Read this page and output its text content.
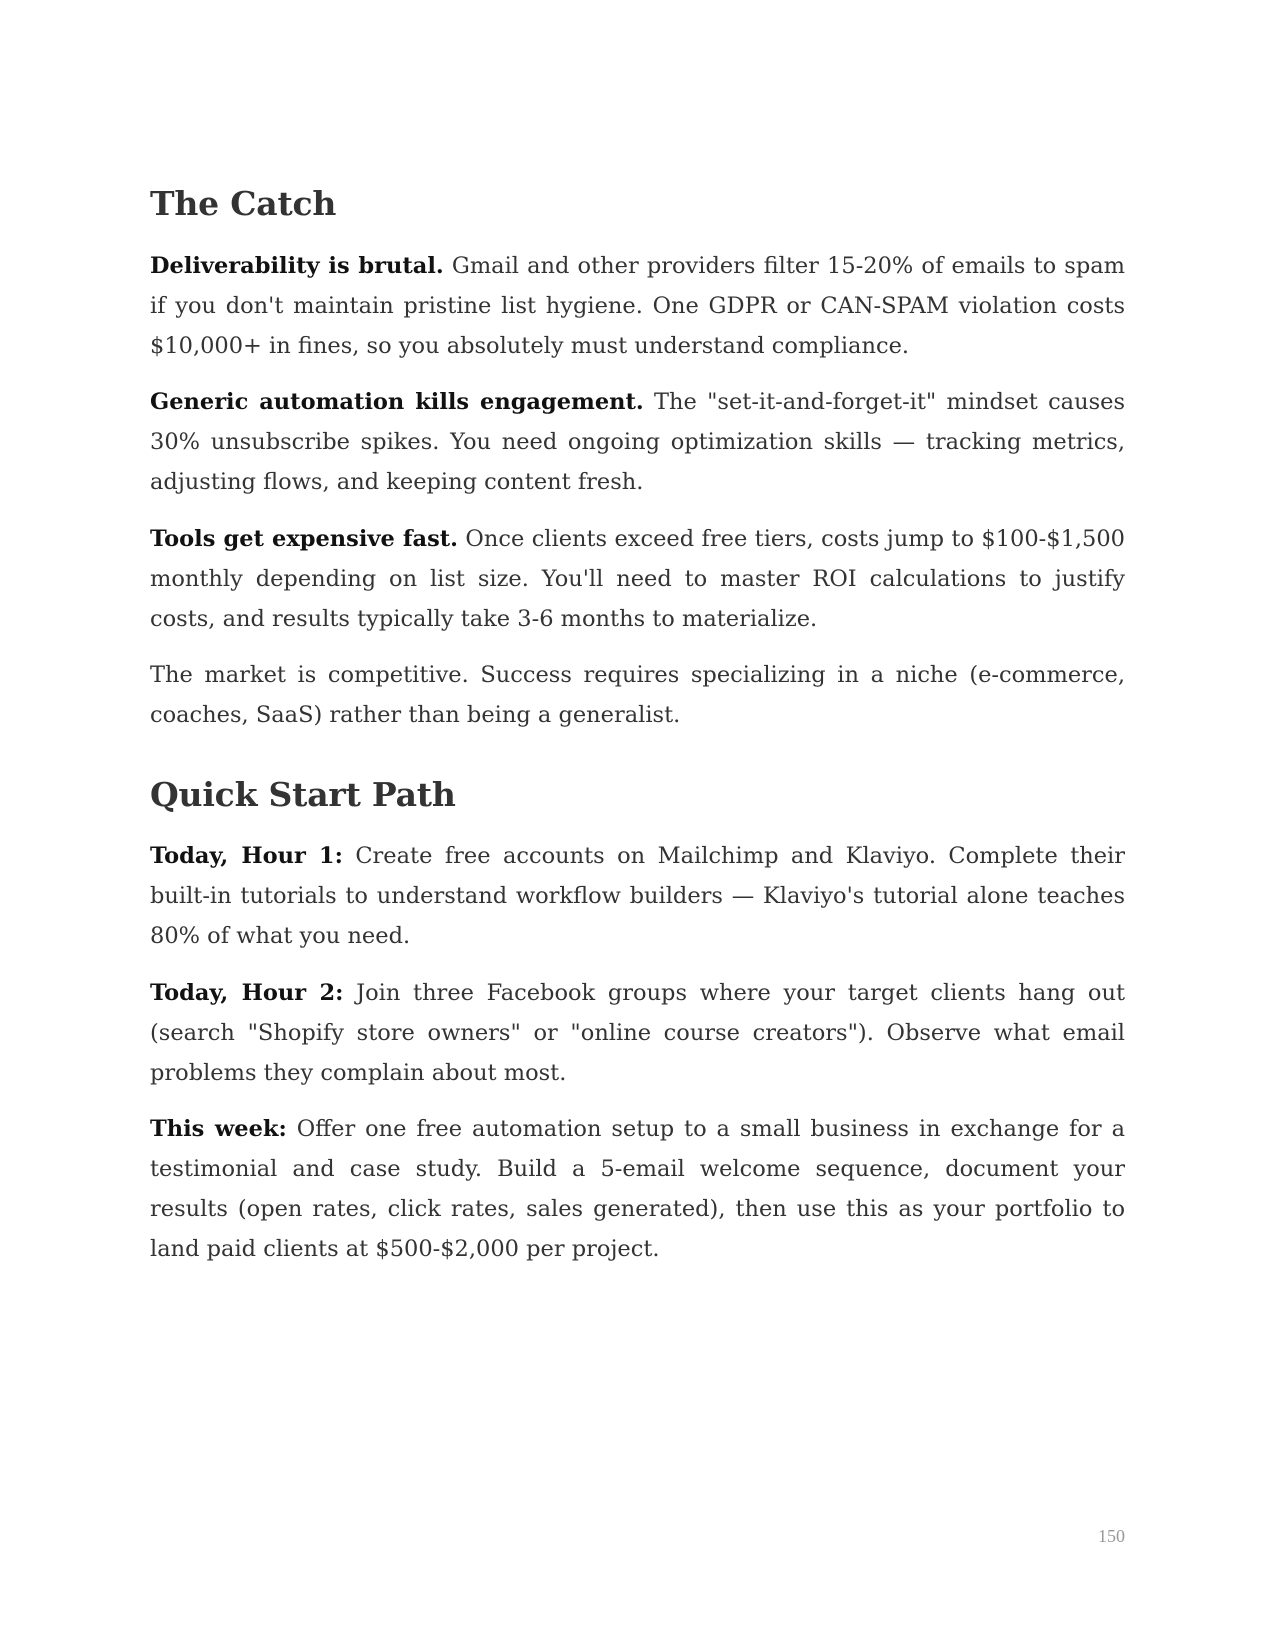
The Catch

Deliverability is brutal. Gmail and other providers filter 15-20% of emails to spam if you don't maintain pristine list hygiene. One GDPR or CAN-SPAM violation costs $10,000+ in fines, so you absolutely must understand compliance.

Generic automation kills engagement. The "set-it-and-forget-it" mindset causes 30% unsubscribe spikes. You need ongoing optimization skills — tracking metrics, adjusting flows, and keeping content fresh.

Tools get expensive fast. Once clients exceed free tiers, costs jump to $100-$1,500 monthly depending on list size. You'll need to master ROI calculations to justify costs, and results typically take 3-6 months to materialize.

The market is competitive. Success requires specializing in a niche (e-commerce, coaches, SaaS) rather than being a generalist.

Quick Start Path

Today, Hour 1: Create free accounts on Mailchimp and Klaviyo. Complete their built-in tutorials to understand workflow builders — Klaviyo's tutorial alone teaches 80% of what you need.

Today, Hour 2: Join three Facebook groups where your target clients hang out (search "Shopify store owners" or "online course creators"). Observe what email problems they complain about most.

This week: Offer one free automation setup to a small business in exchange for a testimonial and case study. Build a 5-email welcome sequence, document your results (open rates, click rates, sales generated), then use this as your portfolio to land paid clients at $500-$2,000 per project.

150
